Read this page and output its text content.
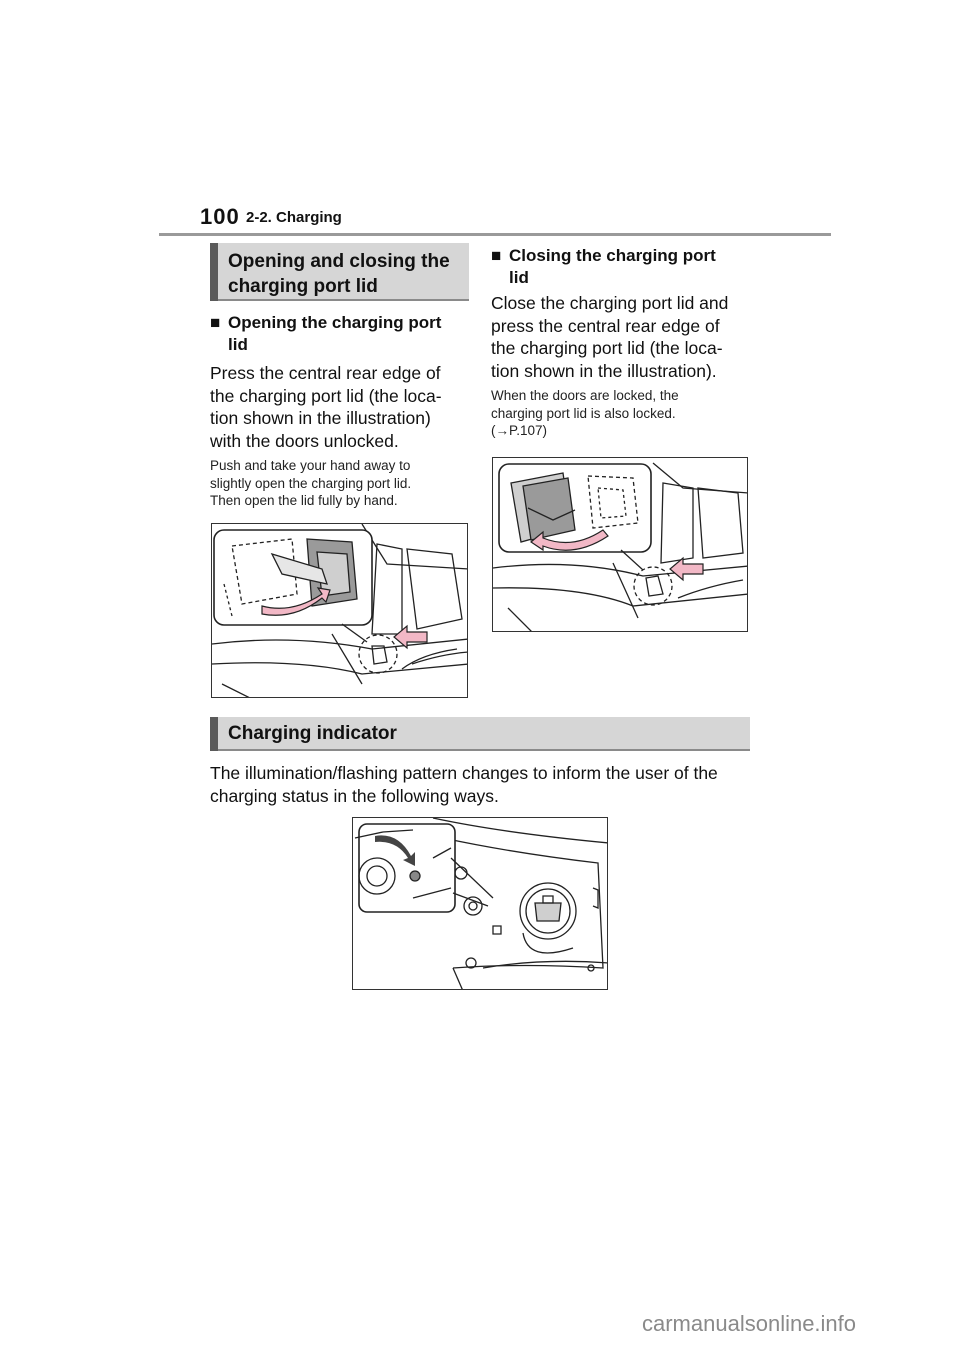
100 2-2. Charging
Opening and closing the
charging port lid
■ Opening the charging port
lid
Press the central rear edge of
the charging port lid (the loca-
tion shown in the illustration)
with the doors unlocked.
Push and take your hand away to
slightly open the charging port lid.
Then open the lid fully by hand.
■ Closing the charging port
lid
Close the charging port lid and
press the central rear edge of
the charging port lid (the loca-
tion shown in the illustration).
When the doors are locked, the
charging port lid is also locked.
(→P.107)
Charging indicator
The illumination/flashing pattern changes to inform the user of the
charging status in the following ways.
carmanualsonline.info
